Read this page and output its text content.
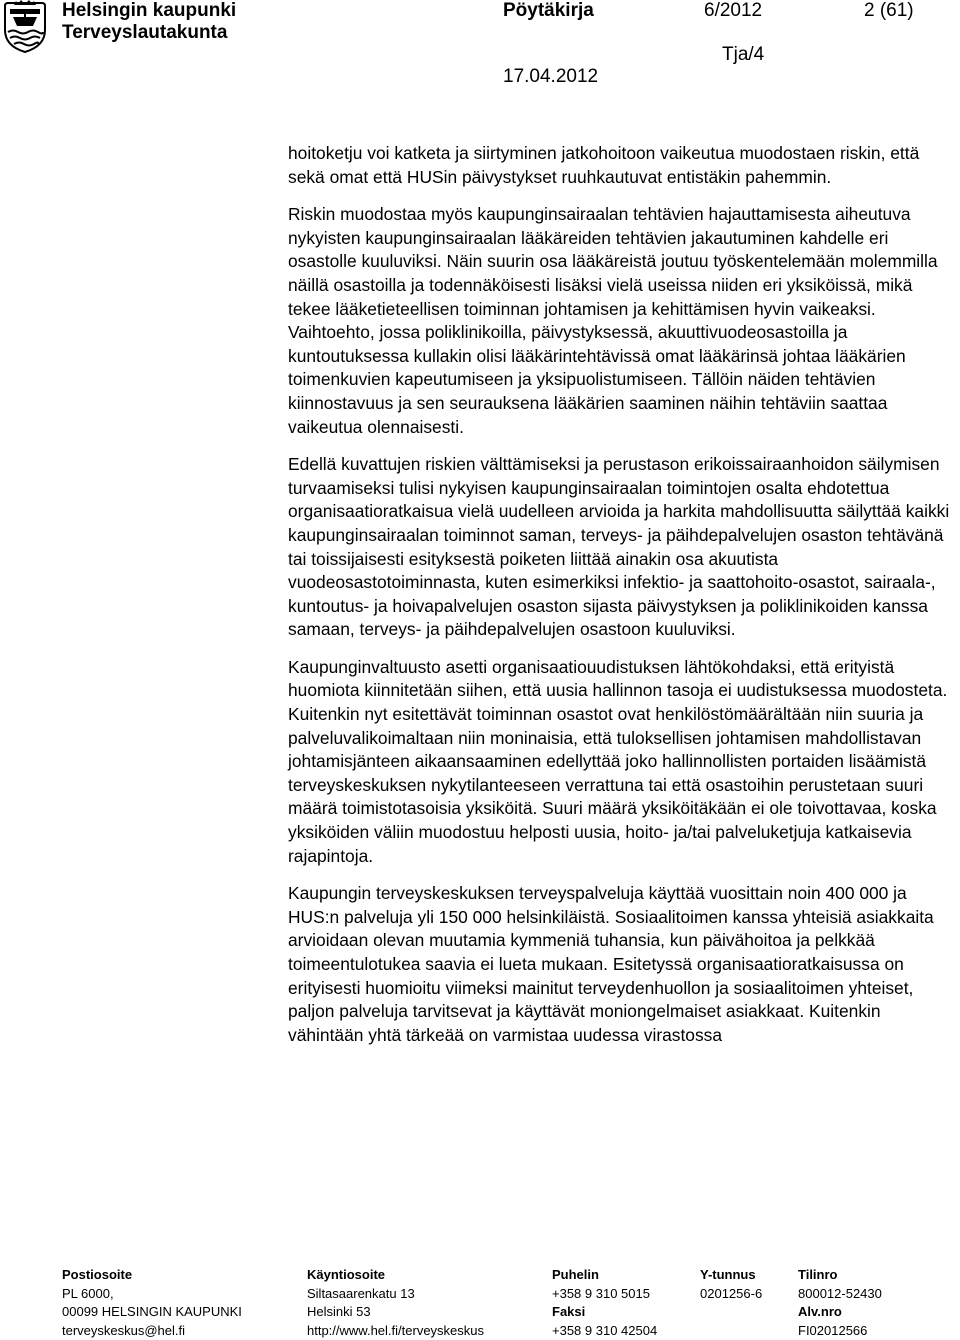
Helsingin kaupunki
Terveyslautakunta
Pöytäkirja	6/2012	2 (61)
Tja/4
17.04.2012

hoitoketju voi katketa ja siirtyminen jatkohoitoon vaikeutua muodostaen riskin, että sekä omat että HUSin päivystykset ruuhkautuvat entistäkin pahemmin.

Riskin muodostaa myös kaupunginsairaalan tehtävien hajauttamisesta aiheutuva nykyisten kaupunginsairaalan lääkäreiden tehtävien jakautuminen kahdelle eri osastolle kuuluviksi. Näin suurin osa lääkäreistä joutuu työskentelemään molemmilla näillä osastoilla ja todennäköisesti lisäksi vielä useissa niiden eri yksiköissä, mikä tekee lääketieteellisen toiminnan johtamisen ja kehittämisen hyvin vaikeaksi. Vaihtoehto, jossa poliklinikoilla, päivystyksessä, akuuttivuodeosastoilla ja kuntoutuksessa kullakin olisi lääkärintehtävissä omat lääkärinsä johtaa lääkärien toimenkuvien kapeutumiseen ja yksipuolistumiseen. Tällöin näiden tehtävien kiinnostavuus ja sen seurauksena lääkärien saaminen näihin tehtäviin saattaa vaikeutua olennaisesti.

Edellä kuvattujen riskien välttämiseksi ja perustason erikoissairaanhoidon säilymisen turvaamiseksi tulisi nykyisen kaupunginsairaalan toimintojen osalta ehdotettua organisaatioratkaisua vielä uudelleen arvioida ja harkita mahdollisuutta säilyttää kaikki kaupunginsairaalan toiminnot saman, terveys- ja päihdepalvelujen osaston tehtävänä tai toissijaisesti esityksestä poiketen liittää ainakin osa akuutista vuodeosastotoiminnasta, kuten esimerkiksi infektio- ja saattohoito-osastot, sairaala-, kuntoutus- ja hoivapalvelujen osaston sijasta päivystyksen ja poliklinikoiden kanssa samaan, terveys- ja päihdepalvelujen osastoon kuuluviksi.

Kaupunginvaltuusto asetti organisaatiouudistuksen lähtökohdaksi, että erityistä huomiota kiinnitetään siihen, että uusia hallinnon tasoja ei uudistuksessa muodosteta. Kuitenkin nyt esitettävät toiminnan osastot ovat henkilöstömäärältään niin suuria ja palveluvalikoimaltaan niin moninaisia, että tuloksellisen johtamisen mahdollistavan johtamisjänteen aikaansaaminen edellyttää joko hallinnollisten portaiden lisäämistä terveyskeskuksen nykytilanteeseen verrattuna tai että osastoihin perustetaan suuri määrä toimistotasoisia yksiköitä. Suuri määrä yksiköitäkään ei ole toivottavaa, koska yksiköiden väliin muodostuu helposti uusia, hoito- ja/tai palveluketjuja katkaisevia rajapintoja.

Kaupungin terveyskeskuksen terveyspalveluja käyttää vuosittain noin 400 000 ja HUS:n palveluja yli 150 000 helsinkiläistä. Sosiaalitoimen kanssa yhteisiä asiakkaita arvioidaan olevan muutamia kymmeniä tuhansia, kun päivähoitoa ja pelkkää toimeentulotukea saavia ei lueta mukaan. Esitetyssä organisaatioratkaisussa on erityisesti huomioitu viimeksi mainitut terveydenhuollon ja sosiaalitoimen yhteiset, paljon palveluja tarvitsevat ja käyttävät moniongelmaiset asiakkaat. Kuitenkin vähintään yhtä tärkeää on varmistaa uudessa virastossa

Postiosoite
PL 6000,
00099 HELSINGIN KAUPUNKI
terveyskeskus@hel.fi
Käyntiosoite
Siltasaarenkatu 13
Helsinki 53
http://www.hel.fi/terveyskeskus
Puhelin
+358 9 310 5015
Faksi
+358 9 310 42504
Y-tunnus
0201256-6
Tilinro
800012-52430
Alv.nro
FI02012566
